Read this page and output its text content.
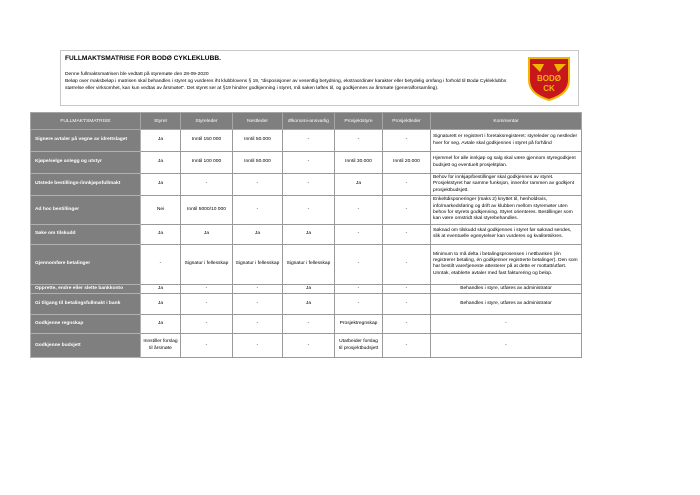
FULLMAKTSMATRISE FOR BODØ CYKLEKLUBB.

Denne fullmaktsmatrisen ble vedtatt på styremøte den 28-09-2020

Beløp over maksbeløp i matrisen skal behandles i styret og vurderes iht klubblovens § 19, "disposisjoner av vesentlig betydning, ekstraordinær karakter eller betydelig omfang i forhold til Bodø Cykleklubbs størrelse eller virksomhet, kan kun vedtas av årsmøtet". Det styret ser at §19 hindrer godkjenning i styret, må saken løftes til, og godkjennes av årsmøte (generalforsamling).

BODØ
CK
FULLMAKTSMATRISE	Styret	Styreleder	Nestleder	Økonomi-ansvarlig	Prosjektstyre	Prosjektleder	Kommentar
Signere avtaler på vegne av idrettslaget	Ja	Inntil 150 000	Inntil 50.000	-	-	-	Signaturett er registrert i foretaksregisteret: styreleder og nestleder hver for seg. Avtale skal godkjennes i styret på forhånd
Kjøpe/selge anlegg og utstyr	Ja	Inntil 100 000	Inntil 50.000	-	Inntil 30.000	Inntil 20.000	Hjemmel for alle innkjøp og salg skal være gjennom styregodkjent budsjett og eventuelt prosjektplan.
Utstede bestillings-/innkjøpsfullmakt	Ja	-	-	-	Ja	-	Behov for innkjøp/bestillinger skal godkjennes av styret. Prosjektstyret har samme funksjon, innenfor rammen av godkjent prosjektbudsjett.
Ad hoc bestillinger	Nei	Inntil 5000/10 000	-	-	-	-	Enkeltdisponeringer (maks 2) knyttet til, henholdsvis, info/markedsføring og drift av klubben mellom styremøter uten behov for styrets godkjenning. Styret orienteres. Bestillinger som kan være omstridt skal styrebehandles.
Søke om tilskudd	Ja	Ja	Ja	Ja	-	-	Søknad om tilskudd skal godkjennes i styret før søknad sendes, slik at eventuelle egenytelser kan vurderes og kvalitetsikres.
Gjennomføre betalinger	-	Signatur i fellesskap	Signatur i fellesskap	Signatur i fellesskap	-	-	Minimum to må delta i betalingsprosessen i nettbanken (én registrerer betaling, én godkjenner registrerte betalinger). Den som har bestilt vare/tjeneste attesterer på at dette er mottatt/utført. Unntak, etablerte avtaler med fast fakturering og belop.
Opprette, endre eller slette bankkonto	Ja	-	-	Ja	-	-	Behandles i styre, utføres av administrator
Gi tilgang til betalingsfullmakt i bank	Ja	-	-	Ja	-	-	Behandles i styre, utføres av administrator
Godkjenne regnskap	Ja	-	-	-	Prosjektregnskap	-	-
Godkjenne budsjett	Innstiller forslag til årsmøte	-	-	-	Utarbeider forslag til prosjektbudsjett	-	-
